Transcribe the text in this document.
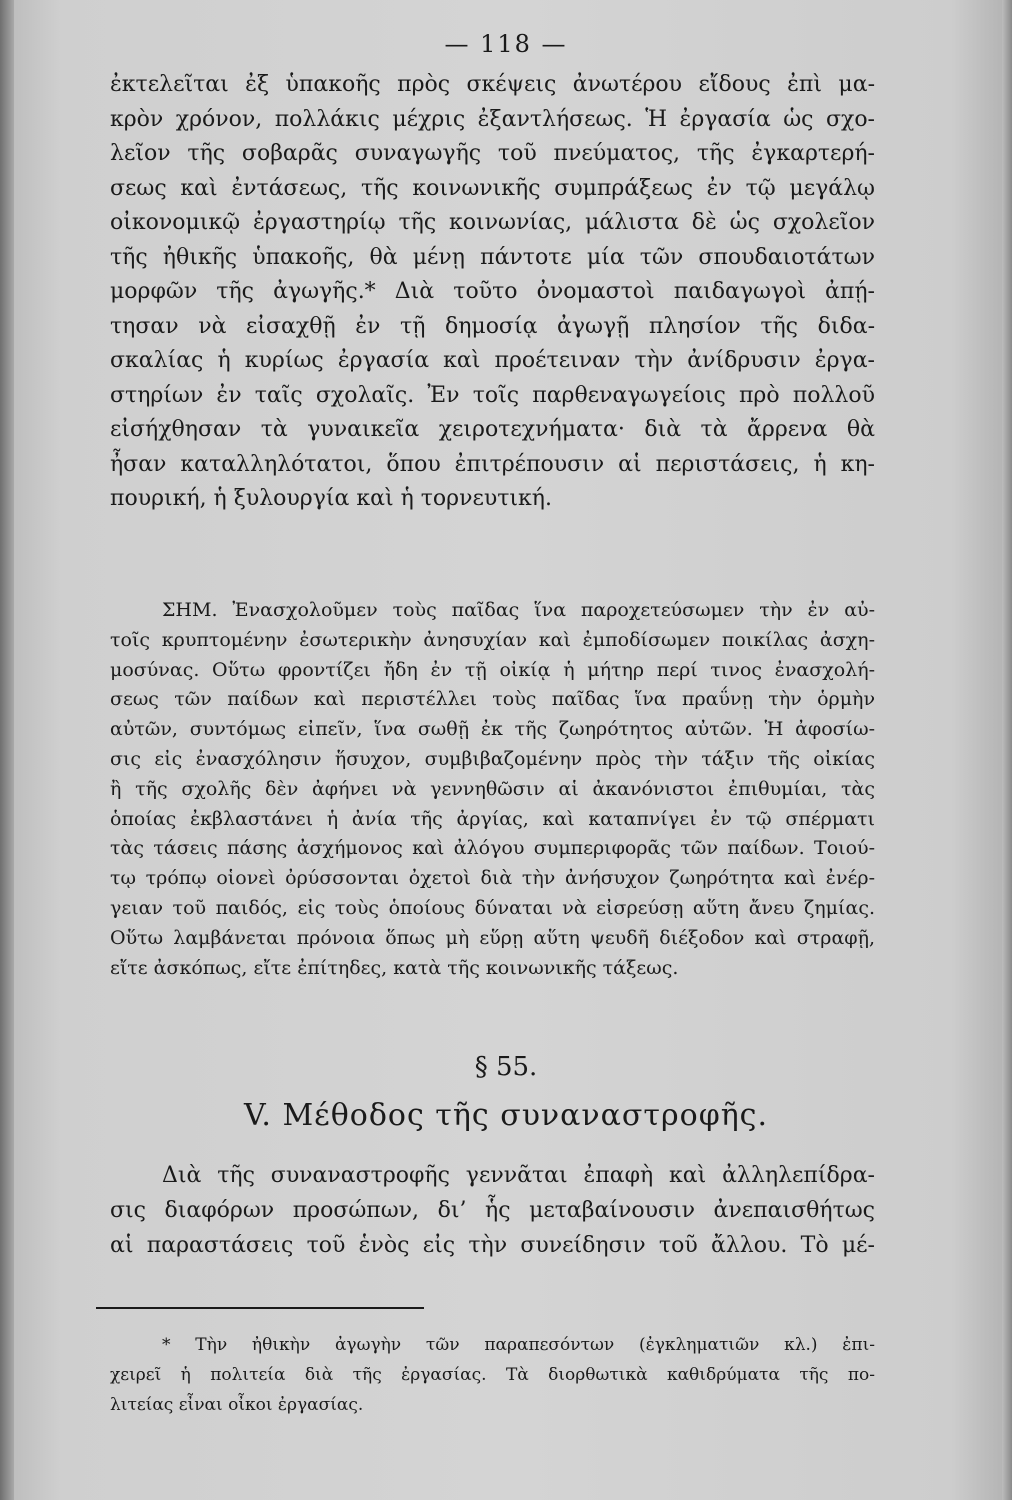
— 118 —
ἐκτελεῖται ἐξ ὑπακοῆς πρὸς σκέψεις ἀνωτέρου εἴδους ἐπὶ μα-
κρὸν χρόνον, πολλάκις μέχρις ἐξαντλήσεως. Ἡ ἐργασία ὡς σχο-
λεῖον τῆς σοβαρᾶς συναγωγῆς τοῦ πνεύματος, τῆς ἐγκαρτερή-
σεως καὶ ἐντάσεως, τῆς κοινωνικῆς συμπράξεως ἐν τῷ μεγάλῳ
οἰκονομικῷ ἐργαστηρίῳ τῆς κοινωνίας, μάλιστα δὲ ὡς σχολεῖον
τῆς ἠθικῆς ὑπακοῆς, θὰ μένῃ πάντοτε μία τῶν σπουδαιοτάτων
μορφῶν τῆς ἀγωγῆς.* Διὰ τοῦτο ὀνομαστοὶ παιδαγωγοὶ ἀπῄ-
τησαν νὰ εἰσαχθῇ ἐν τῇ δημοσίᾳ ἀγωγῇ πλησίον τῆς διδα-
σκαλίας ἡ κυρίως ἐργασία καὶ προέτειναν τὴν ἀνίδρυσιν ἐργα-
στηρίων ἐν ταῖς σχολαῖς. Ἐν τοῖς παρθεναγωγείοις πρὸ πολλοῦ
εἰσήχθησαν τὰ γυναικεῖα χειροτεχνήματα· διὰ τὰ ἄρρενα θὰ
ἦσαν καταλληλότατοι, ὅπου ἐπιτρέπουσιν αἱ περιστάσεις, ἡ κη-
πουρική, ἡ ξυλουργία καὶ ἡ τορνευτική.
ΣΗΜ. Ἐνασχολοῦμεν τοὺς παῖδας ἵνα παροχετεύσωμεν τὴν ἐν αὐ-
τοῖς κρυπτομένην ἐσωτερικὴν ἀνησυχίαν καὶ ἐμποδίσωμεν ποικίλας ἀσχη-
μοσύνας. Οὕτω φροντίζει ἤδη ἐν τῇ οἰκίᾳ ἡ μήτηρ περί τινος ἐνασχολή-
σεως τῶν παίδων καὶ περιστέλλει τοὺς παῖδας ἵνα πραΰνῃ τὴν ὁρμὴν
αὐτῶν, συντόμως εἰπεῖν, ἵνα σωθῇ ἐκ τῆς ζωηρότητος αὐτῶν. Ἡ ἀφοσίω-
σις εἰς ἐνασχόλησιν ἥσυχον, συμβιβαζομένην πρὸς τὴν τάξιν τῆς οἰκίας
ἢ τῆς σχολῆς δὲν ἀφήνει νὰ γεννηθῶσιν αἱ ἀκανόνιστοι ἐπιθυμίαι, τὰς
ὁποίας ἐκβλαστάνει ἡ ἀνία τῆς ἀργίας, καὶ καταπνίγει ἐν τῷ σπέρματι
τὰς τάσεις πάσης ἀσχήμονος καὶ ἀλόγου συμπεριφορᾶς τῶν παίδων. Τοιού-
τῳ τρόπῳ οἱονεὶ ὀρύσσονται ὀχετοὶ διὰ τὴν ἀνήσυχον ζωηρότητα καὶ ἐνέρ-
γειαν τοῦ παιδός, εἰς τοὺς ὁποίους δύναται νὰ εἰσρεύσῃ αὕτη ἄνευ ζημίας.
Οὕτω λαμβάνεται πρόνοια ὅπως μὴ εὕρῃ αὕτη ψευδῆ διέξοδον καὶ στραφῇ,
εἴτε ἀσκόπως, εἴτε ἐπίτηδες, κατὰ τῆς κοινωνικῆς τάξεως.
§ 55.
V. Μέθοδος τῆς συναναστροφῆς.
Διὰ τῆς συναναστροφῆς γεννᾶται ἐπαφὴ καὶ ἀλληλεπίδρα-
σις διαφόρων προσώπων, δι’ ἧς μεταβαίνουσιν ἀνεπαισθήτως
αἱ παραστάσεις τοῦ ἑνὸς εἰς τὴν συνείδησιν τοῦ ἄλλου. Τὸ μέ-
* Τὴν ἠθικὴν ἀγωγὴν τῶν παραπεσόντων (ἐγκληματιῶν κλ.) ἐπι-
χειρεῖ ἡ πολιτεία διὰ τῆς ἐργασίας. Τὰ διορθωτικὰ καθιδρύματα τῆς πο-
λιτείας εἶναι οἶκοι ἐργασίας.
